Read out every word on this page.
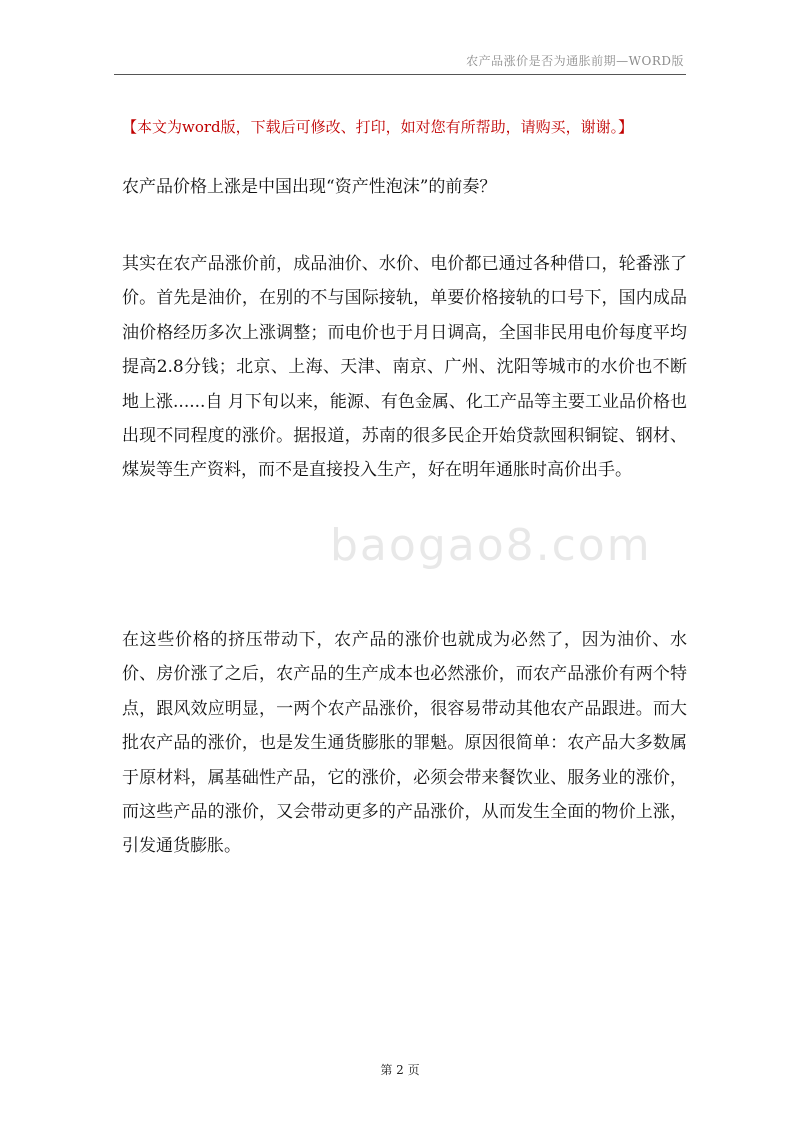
农产品涨价是否为通胀前期—WORD版
【本文为word版，下载后可修改、打印，如对您有所帮助，请购买，谢谢。】
农产品价格上涨是中国出现“资产性泡沫”的前奏？

其实在农产品涨价前，成品油价、水价、电价都已通过各种借口，轮番涨了价。首先是油价，在别的不与国际接轨，单要价格接轨的口号下，国内成品油价格经历多次上涨调整；而电价也于月日调高，全国非民用电价每度平均提高2.8分钱；北京、上海、天津、南京、广州、沈阳等城市的水价也不断地上涨......自 月下旬以来，能源、有色金属、化工产品等主要工业品价格也出现不同程度的涨价。据报道，苏南的很多民企开始贷款囤积铜锭、钢材、煤炭等生产资料，而不是直接投入生产，好在明年通胀时高价出手。

baogao8.com

在这些价格的挤压带动下，农产品的涨价也就成为必然了，因为油价、水价、房价涨了之后，农产品的生产成本也必然涨价，而农产品涨价有两个特点，跟风效应明显，一两个农产品涨价，很容易带动其他农产品跟进。而大批农产品的涨价，也是发生通货膨胀的罪魁。原因很简单：农产品大多数属于原材料，属基础性产品，它的涨价，必须会带来餐饮业、服务业的涨价，而这些产品的涨价，又会带动更多的产品涨价，从而发生全面的物价上涨，引发通货膨胀。

第 2 页
